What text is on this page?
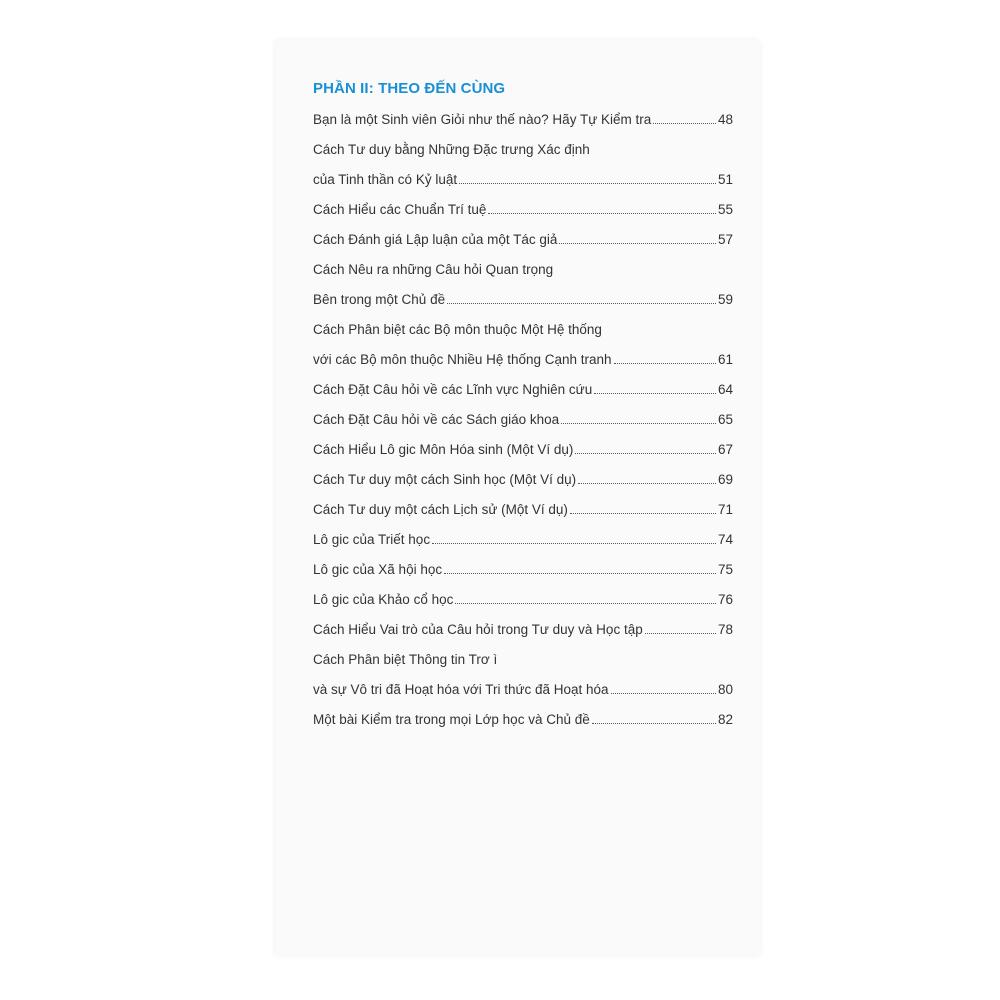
PHẦN II: THEO ĐẾN CÙNG
Bạn là một Sinh viên Giỏi như thế nào? Hãy Tự Kiểm tra	48
Cách Tư duy bằng Những Đặc trưng Xác định
của Tinh thần có Kỷ luật	51
Cách Hiểu các Chuẩn Trí tuệ	55
Cách Đánh giá Lập luận của một Tác giả	57
Cách Nêu ra những Câu hỏi Quan trọng
Bên trong một Chủ đề	59
Cách Phân biệt các Bộ môn thuộc Một Hệ thống
với các Bộ môn thuộc Nhiều Hệ thống Cạnh tranh	61
Cách Đặt Câu hỏi về các Lĩnh vực Nghiên cứu	64
Cách Đặt Câu hỏi về các Sách giáo khoa	65
Cách Hiểu Lô gic Môn Hóa sinh (Một Ví dụ)	67
Cách Tư duy một cách Sinh học (Một Ví dụ)	69
Cách Tư duy một cách Lịch sử (Một Ví dụ)	71
Lô gic của Triết học	74
Lô gic của Xã hội học	75
Lô gic của Khảo cổ học	76
Cách Hiểu Vai trò của Câu hỏi trong Tư duy và Học tập	78
Cách Phân biệt Thông tin Trơ ì
và sự Vô tri đã Hoạt hóa với Tri thức đã Hoạt hóa	80
Một bài Kiểm tra trong mọi Lớp học và Chủ đề	82
